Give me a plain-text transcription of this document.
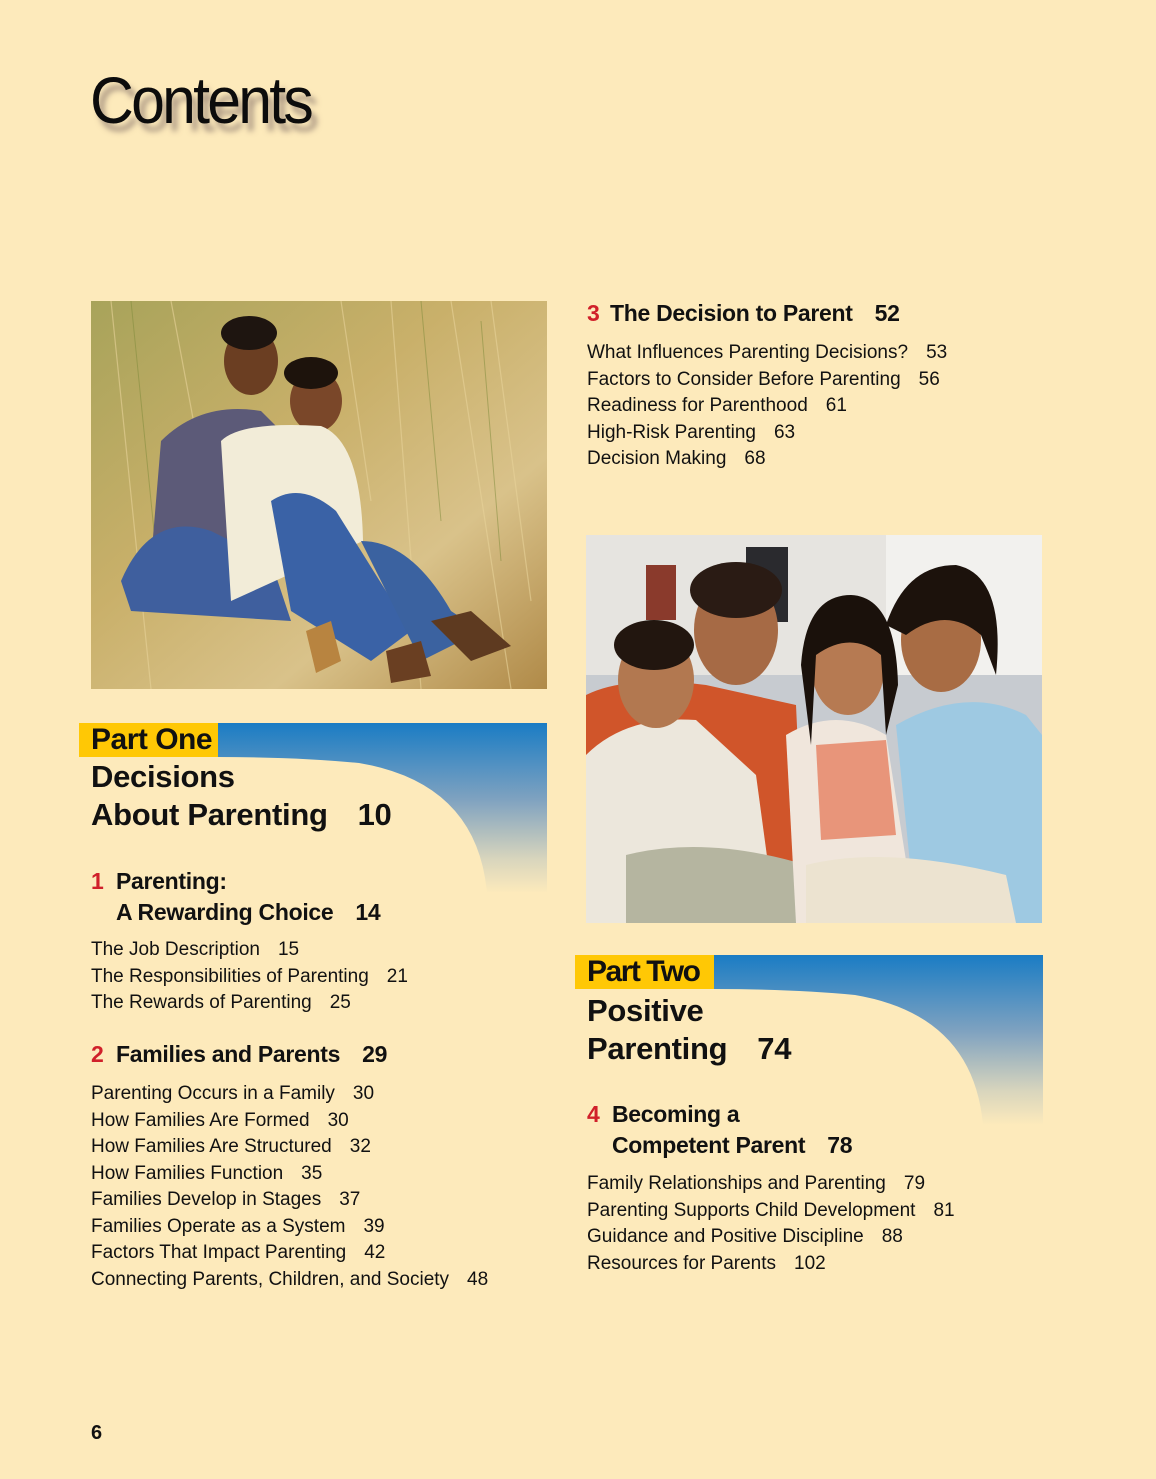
Contents
Part One
Decisions
About Parenting 10
1 Parenting:
A Rewarding Choice 14
The Job Description 15
The Responsibilities of Parenting 21
The Rewards of Parenting 25
2 Families and Parents 29
Parenting Occurs in a Family 30
How Families Are Formed 30
How Families Are Structured 32
How Families Function 35
Families Develop in Stages 37
Families Operate as a System 39
Factors That Impact Parenting 42
Connecting Parents, Children, and Society 48
3 The Decision to Parent 52
What Influences Parenting Decisions? 53
Factors to Consider Before Parenting 56
Readiness for Parenthood 61
High-Risk Parenting 63
Decision Making 68
Part Two
Positive
Parenting 74
4 Becoming a
Competent Parent 78
Family Relationships and Parenting 79
Parenting Supports Child Development 81
Guidance and Positive Discipline 88
Resources for Parents 102
6
